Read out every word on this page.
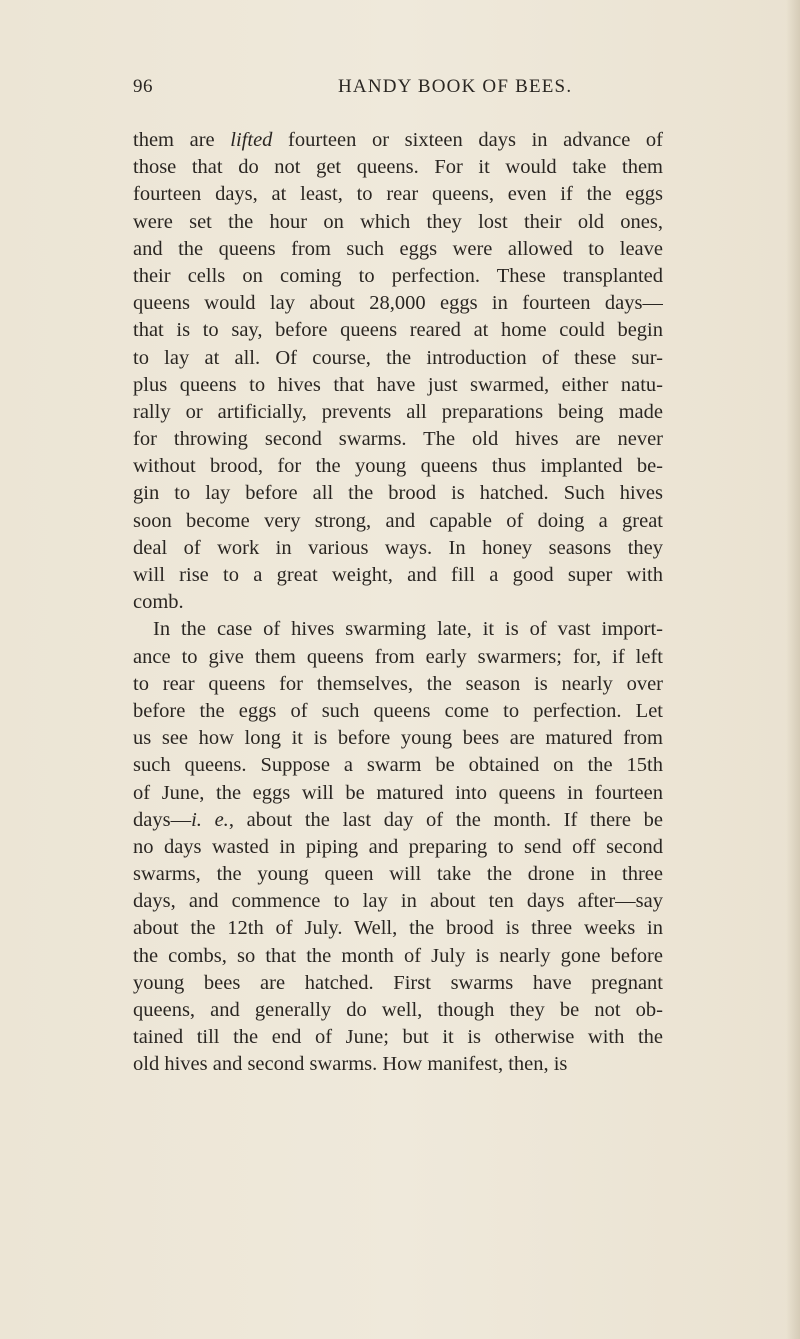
96	HANDY BOOK OF BEES.
them are lifted fourteen or sixteen days in advance of
those that do not get queens. For it would take them
fourteen days, at least, to rear queens, even if the eggs
were set the hour on which they lost their old ones,
and the queens from such eggs were allowed to leave
their cells on coming to perfection. These transplanted
queens would lay about 28,000 eggs in fourteen days—
that is to say, before queens reared at home could begin
to lay at all. Of course, the introduction of these sur-
plus queens to hives that have just swarmed, either natu-
rally or artificially, prevents all preparations being made
for throwing second swarms. The old hives are never
without brood, for the young queens thus implanted be-
gin to lay before all the brood is hatched. Such hives
soon become very strong, and capable of doing a great
deal of work in various ways. In honey seasons they
will rise to a great weight, and fill a good super with
comb.
In the case of hives swarming late, it is of vast import-
ance to give them queens from early swarmers; for, if left
to rear queens for themselves, the season is nearly over
before the eggs of such queens come to perfection. Let
us see how long it is before young bees are matured from
such queens. Suppose a swarm be obtained on the 15th
of June, the eggs will be matured into queens in fourteen
days—i. e., about the last day of the month. If there be
no days wasted in piping and preparing to send off second
swarms, the young queen will take the drone in three
days, and commence to lay in about ten days after—say
about the 12th of July. Well, the brood is three weeks in
the combs, so that the month of July is nearly gone before
young bees are hatched. First swarms have pregnant
queens, and generally do well, though they be not ob-
tained till the end of June; but it is otherwise with the
old hives and second swarms. How manifest, then, is
